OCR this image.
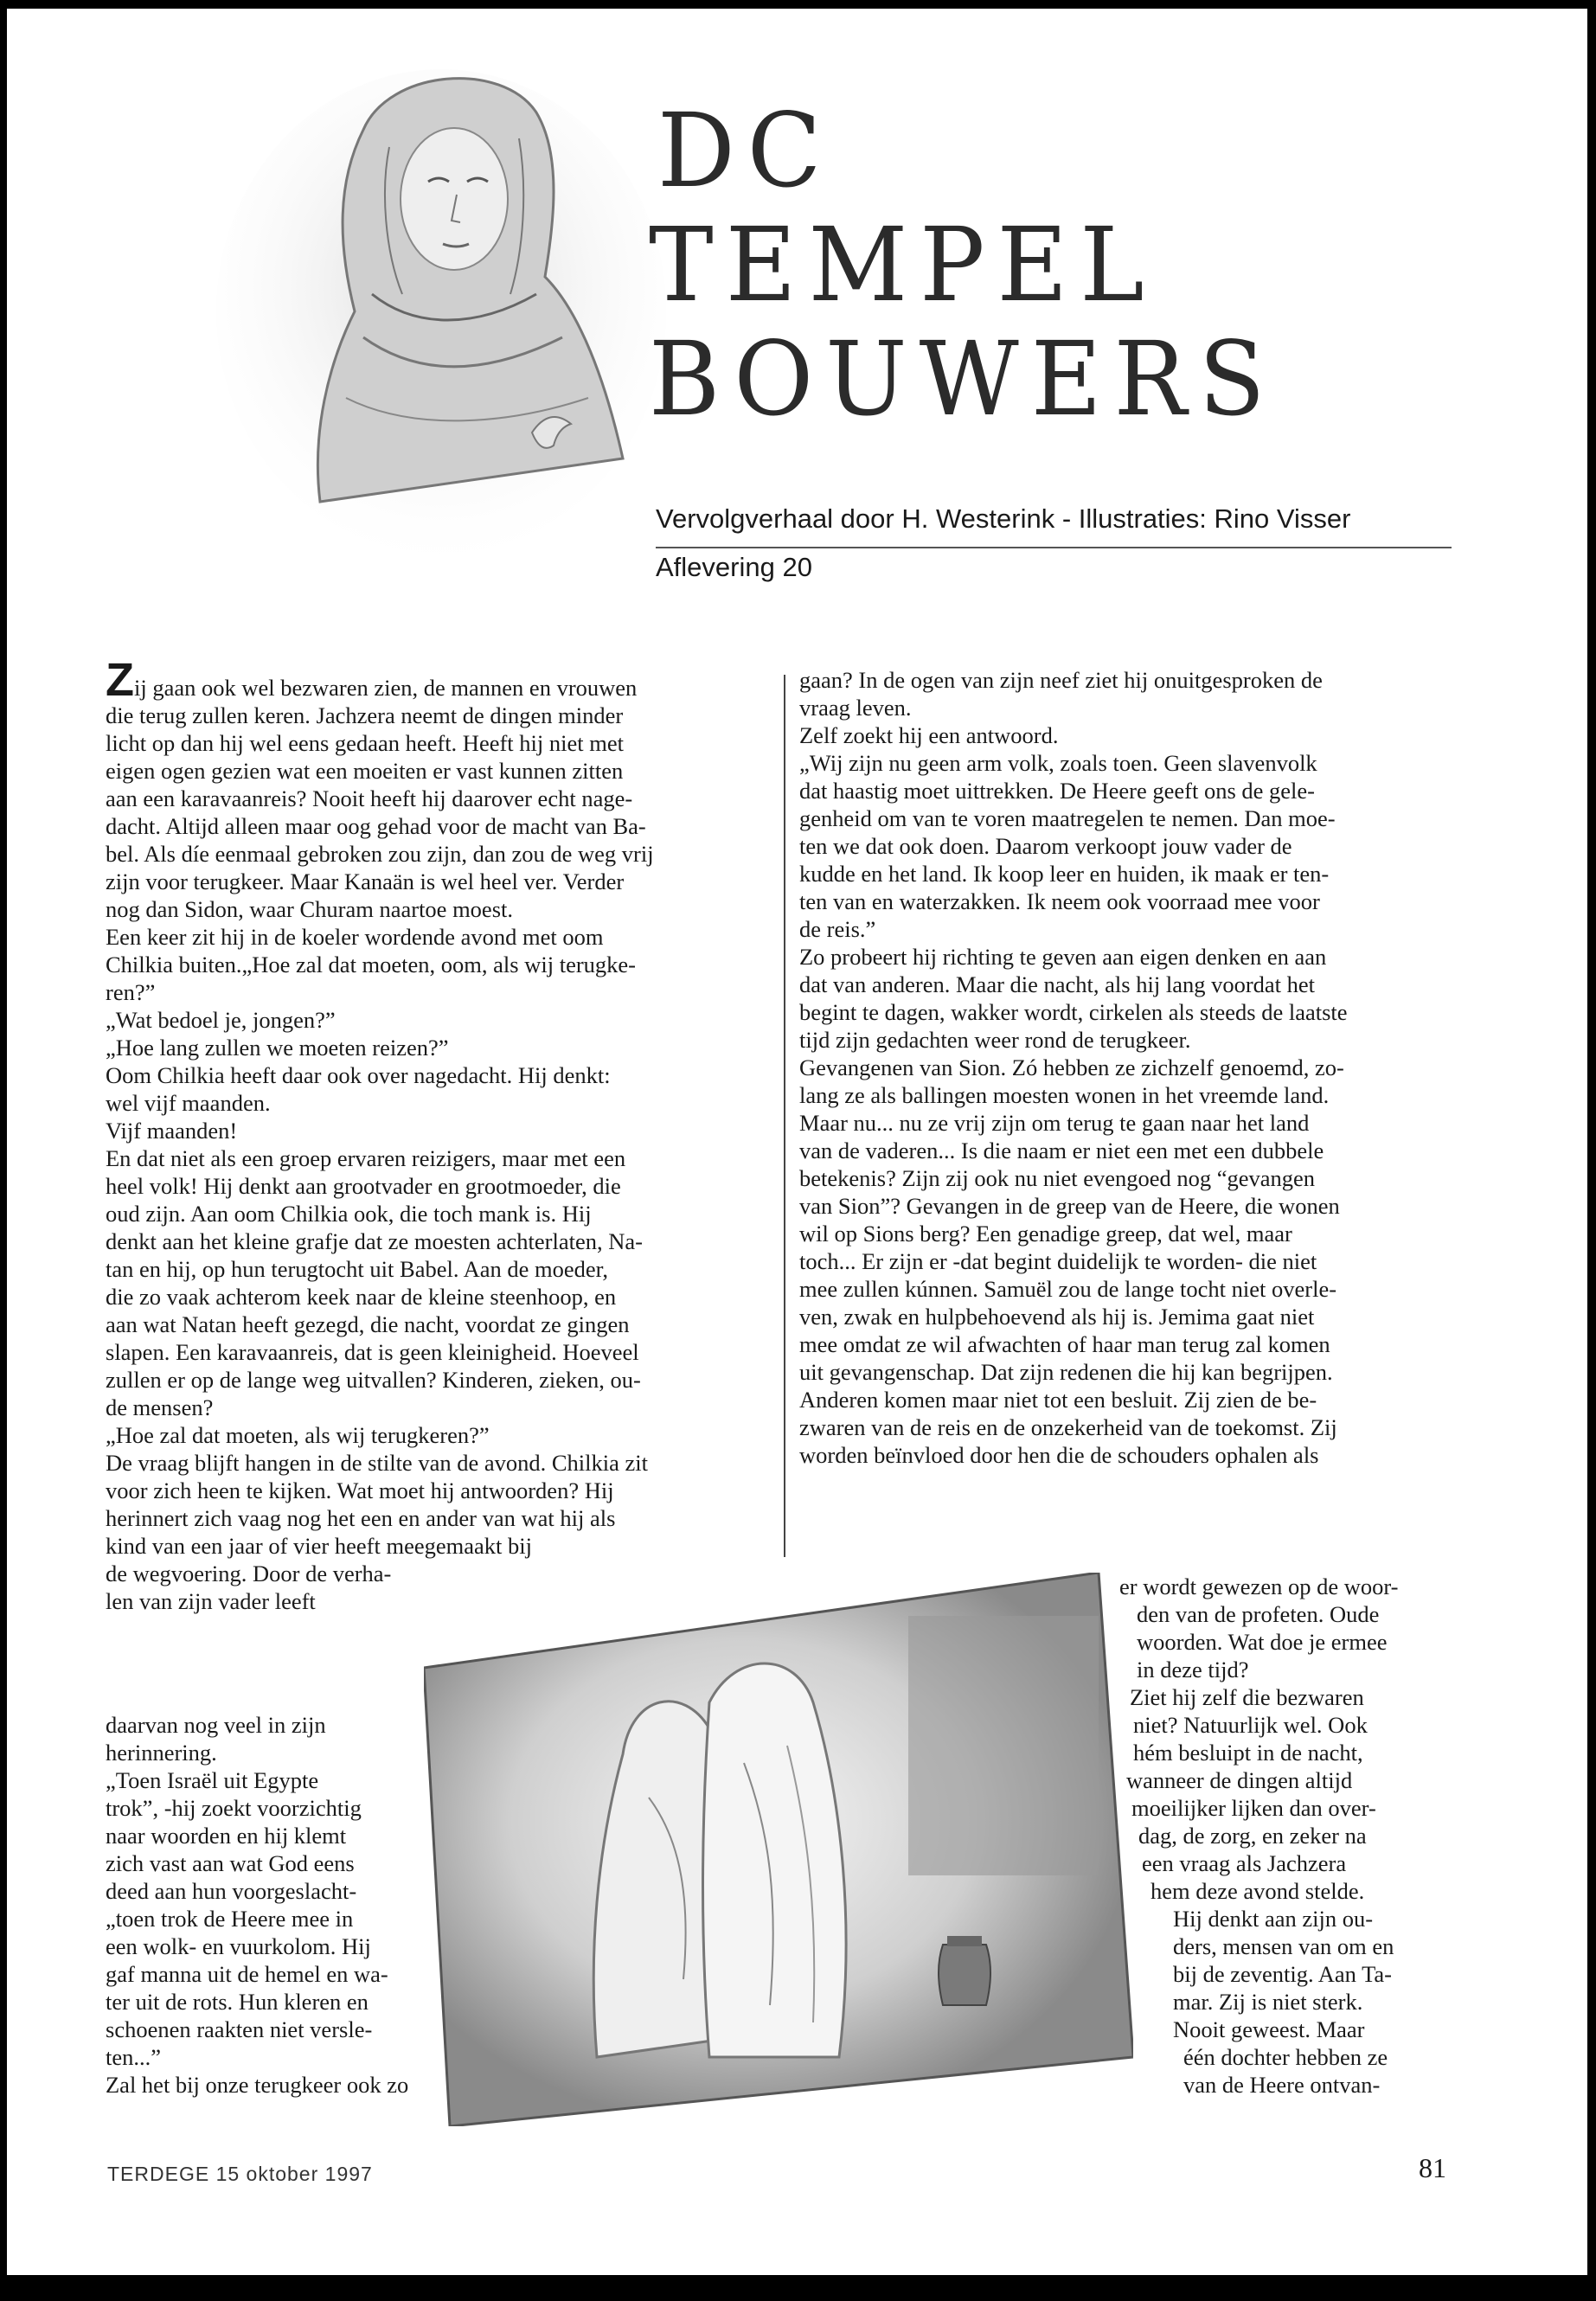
DC
TEMPEL
BOUWERS
Vervolgverhaal door H. Westerink - Illustraties: Rino Visser
Aflevering 20

Zij gaan ook wel bezwaren zien, de mannen en vrouwen

die terug zullen keren. Jachzera neemt de dingen minder

licht op dan hij wel eens gedaan heeft. Heeft hij niet met

eigen ogen gezien wat een moeiten er vast kunnen zitten

aan een karavaanreis? Nooit heeft hij daarover echt nage-

dacht. Altijd alleen maar oog gehad voor de macht van Ba-

bel. Als díe eenmaal gebroken zou zijn, dan zou de weg vrij

zijn voor terugkeer. Maar Kanaän is wel heel ver. Verder

nog dan Sidon, waar Churam naartoe moest.

Een keer zit hij in de koeler wordende avond met oom

Chilkia buiten.„Hoe zal dat moeten, oom, als wij terugke-

ren?”

„Wat bedoel je, jongen?”

„Hoe lang zullen we moeten reizen?”

Oom Chilkia heeft daar ook over nagedacht. Hij denkt:

wel vijf maanden.

Vijf maanden!

En dat niet als een groep ervaren reizigers, maar met een

heel volk! Hij denkt aan grootvader en grootmoeder, die

oud zijn. Aan oom Chilkia ook, die toch mank is. Hij

denkt aan het kleine grafje dat ze moesten achterlaten, Na-

tan en hij, op hun terugtocht uit Babel. Aan de moeder,

die zo vaak achterom keek naar de kleine steenhoop, en

aan wat Natan heeft gezegd, die nacht, voordat ze gingen

slapen. Een karavaanreis, dat is geen kleinigheid. Hoeveel

zullen er op de lange weg uitvallen? Kinderen, zieken, ou-

de mensen?

„Hoe zal dat moeten, als wij terugkeren?”

De vraag blijft hangen in de stilte van de avond. Chilkia zit

voor zich heen te kijken. Wat moet hij antwoorden? Hij

herinnert zich vaag nog het een en ander van wat hij als

kind van een jaar of vier heeft meegemaakt bij

de wegvoering. Door de verha-

len van zijn vader leeft

daarvan nog veel in zijn

herinnering.

„Toen Israël uit Egypte

trok”, -hij zoekt voorzichtig

naar woorden en hij klemt

zich vast aan wat God eens

deed aan hun voorgeslacht-

„toen trok de Heere mee in

een wolk- en vuurkolom. Hij

gaf manna uit de hemel en wa-

ter uit de rots. Hun kleren en

schoenen raakten niet versle-

ten...”

Zal het bij onze terugkeer ook zo

gaan? In de ogen van zijn neef ziet hij onuitgesproken de

vraag leven.

Zelf zoekt hij een antwoord.

„Wij zijn nu geen arm volk, zoals toen. Geen slavenvolk

dat haastig moet uittrekken. De Heere geeft ons de gele-

genheid om van te voren maatregelen te nemen. Dan moe-

ten we dat ook doen. Daarom verkoopt jouw vader de

kudde en het land. Ik koop leer en huiden, ik maak er ten-

ten van en waterzakken. Ik neem ook voorraad mee voor

de reis.”

Zo probeert hij richting te geven aan eigen denken en aan

dat van anderen. Maar die nacht, als hij lang voordat het

begint te dagen, wakker wordt, cirkelen als steeds de laatste

tijd zijn gedachten weer rond de terugkeer.

Gevangenen van Sion. Zó hebben ze zichzelf genoemd, zo-

lang ze als ballingen moesten wonen in het vreemde land.

Maar nu... nu ze vrij zijn om terug te gaan naar het land

van de vaderen... Is die naam er niet een met een dubbele

betekenis? Zijn zij ook nu niet evengoed nog “gevangen

van Sion”? Gevangen in de greep van de Heere, die wonen

wil op Sions berg? Een genadige greep, dat wel, maar

toch... Er zijn er -dat begint duidelijk te worden- die niet

mee zullen kúnnen. Samuël zou de lange tocht niet overle-

ven, zwak en hulpbehoevend als hij is. Jemima gaat niet

mee omdat ze wil afwachten of haar man terug zal komen

uit gevangenschap. Dat zijn redenen die hij kan begrijpen.

Anderen komen maar niet tot een besluit. Zij zien de be-

zwaren van de reis en de onzekerheid van de toekomst. Zij

worden beïnvloed door hen die de schouders ophalen als

er wordt gewezen op de woor-

den van de profeten. Oude

woorden. Wat doe je ermee

in deze tijd?

Ziet hij zelf die bezwaren

niet? Natuurlijk wel. Ook

hém besluipt in de nacht,

wanneer de dingen altijd

moeilijker lijken dan over-

dag, de zorg, en zeker na

een vraag als Jachzera

hem deze avond stelde.

Hij denkt aan zijn ou-

ders, mensen van om en

bij de zeventig. Aan Ta-

mar. Zij is niet sterk.

Nooit geweest. Maar

één dochter hebben ze

van de Heere ontvan-

TERDEGE 15 oktober 1997	81
